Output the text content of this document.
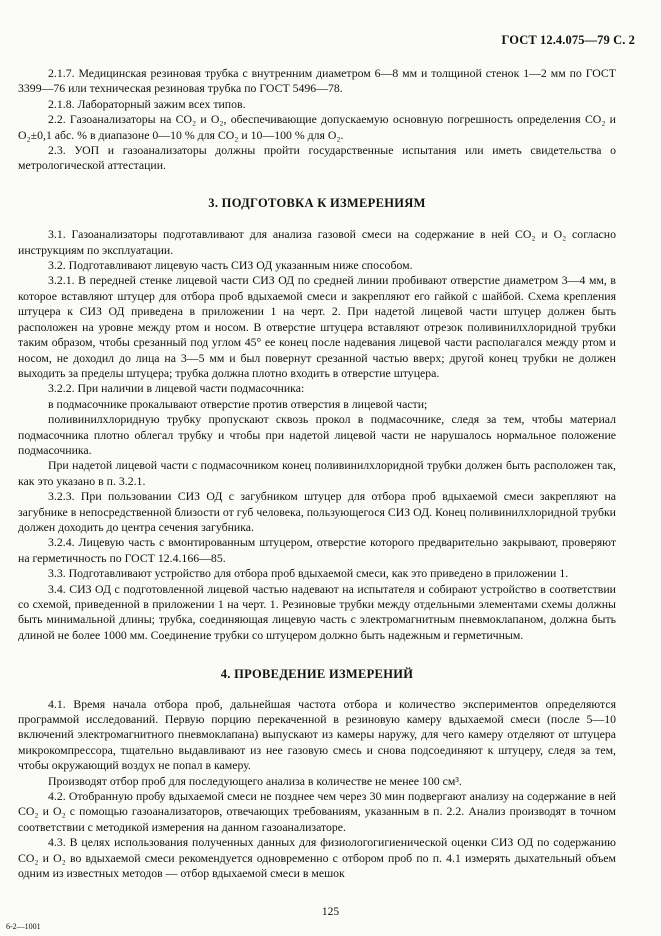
ГОСТ 12.4.075—79 С. 2

2.1.7. Медицинская резиновая трубка с внутренним диаметром 6—8 мм и толщиной стенок 1—2 мм по ГОСТ 3399—76 или техническая резиновая трубка по ГОСТ 5496—78.

2.1.8. Лабораторный зажим всех типов.

2.2. Газоанализаторы на CO₂ и O₂, обеспечивающие допускаемую основную погрешность определения CO₂ и O₂±0,1 абс. % в диапазоне 0—10 % для CO₂ и 10—100 % для O₂.

2.3. УОП и газоанализаторы должны пройти государственные испытания или иметь свидетельства о метрологической аттестации.

3. ПОДГОТОВКА К ИЗМЕРЕНИЯМ

3.1. Газоанализаторы подготавливают для анализа газовой смеси на содержание в ней CO₂ и O₂ согласно инструкциям по эксплуатации.

3.2. Подготавливают лицевую часть СИЗ ОД указанным ниже способом.

3.2.1. В передней стенке лицевой части СИЗ ОД по средней линии пробивают отверстие диаметром 3—4 мм, в которое вставляют штуцер для отбора проб вдыхаемой смеси и закрепляют его гайкой с шайбой. Схема крепления штуцера к СИЗ ОД приведена в приложении 1 на черт. 2. При надетой лицевой части штуцер должен быть расположен на уровне между ртом и носом. В отверстие штуцера вставляют отрезок поливинилхлоридной трубки таким образом, чтобы срезанный под углом 45° ее конец после надевания лицевой части располагался между ртом и носом, не доходил до лица на 3—5 мм и был повернут срезанной частью вверх; другой конец трубки не должен выходить за пределы штуцера; трубка должна плотно входить в отверстие штуцера.

3.2.2. При наличии в лицевой части подмасочника:

в подмасочнике прокалывают отверстие против отверстия в лицевой части;

поливинилхлоридную трубку пропускают сквозь прокол в подмасочнике, следя за тем, чтобы материал подмасочника плотно облегал трубку и чтобы при надетой лицевой части не нарушалось нормальное положение подмасочника.

При надетой лицевой части с подмасочником конец поливинилхлоридной трубки должен быть расположен так, как это указано в п. 3.2.1.

3.2.3. При пользовании СИЗ ОД с загубником штуцер для отбора проб вдыхаемой смеси закрепляют на загубнике в непосредственной близости от губ человека, пользующегося СИЗ ОД. Конец поливинилхлоридной трубки должен доходить до центра сечения загубника.

3.2.4. Лицевую часть с вмонтированным штуцером, отверстие которого предварительно закрывают, проверяют на герметичность по ГОСТ 12.4.166—85.

3.3. Подготавливают устройство для отбора проб вдыхаемой смеси, как это приведено в приложении 1.

3.4. СИЗ ОД с подготовленной лицевой частью надевают на испытателя и собирают устройство в соответствии со схемой, приведенной в приложении 1 на черт. 1. Резиновые трубки между отдельными элементами схемы должны быть минимальной длины; трубка, соединяющая лицевую часть с электромагнитным пневмоклапаном, должна быть длиной не более 1000 мм. Соединение трубки со штуцером должно быть надежным и герметичным.

4. ПРОВЕДЕНИЕ ИЗМЕРЕНИЙ

4.1. Время начала отбора проб, дальнейшая частота отбора и количество экспериментов определяются программой исследований. Первую порцию перекаченной в резиновую камеру вдыхаемой смеси (после 5—10 включений электромагнитного пневмоклапана) выпускают из камеры наружу, для чего камеру отделяют от штуцера микрокомпрессора, тщательно выдавливают из нее газовую смесь и снова подсоединяют к штуцеру, следя за тем, чтобы окружающий воздух не попал в камеру.

Производят отбор проб для последующего анализа в количестве не менее 100 см³.

4.2. Отобранную пробу вдыхаемой смеси не позднее чем через 30 мин подвергают анализу на содержание в ней CO₂ и O₂ с помощью газоанализаторов, отвечающих требованиям, указанным в п. 2.2. Анализ производят в точном соответствии с методикой измерения на данном газоанализаторе.

4.3. В целях использования полученных данных для физиологогигиенической оценки СИЗ ОД по содержанию CO₂ и O₂ во вдыхаемой смеси рекомендуется одновременно с отбором проб по п. 4.1 измерять дыхательный объем одним из известных методов — отбор вдыхаемой смеси в мешок

125
6-2—1001
